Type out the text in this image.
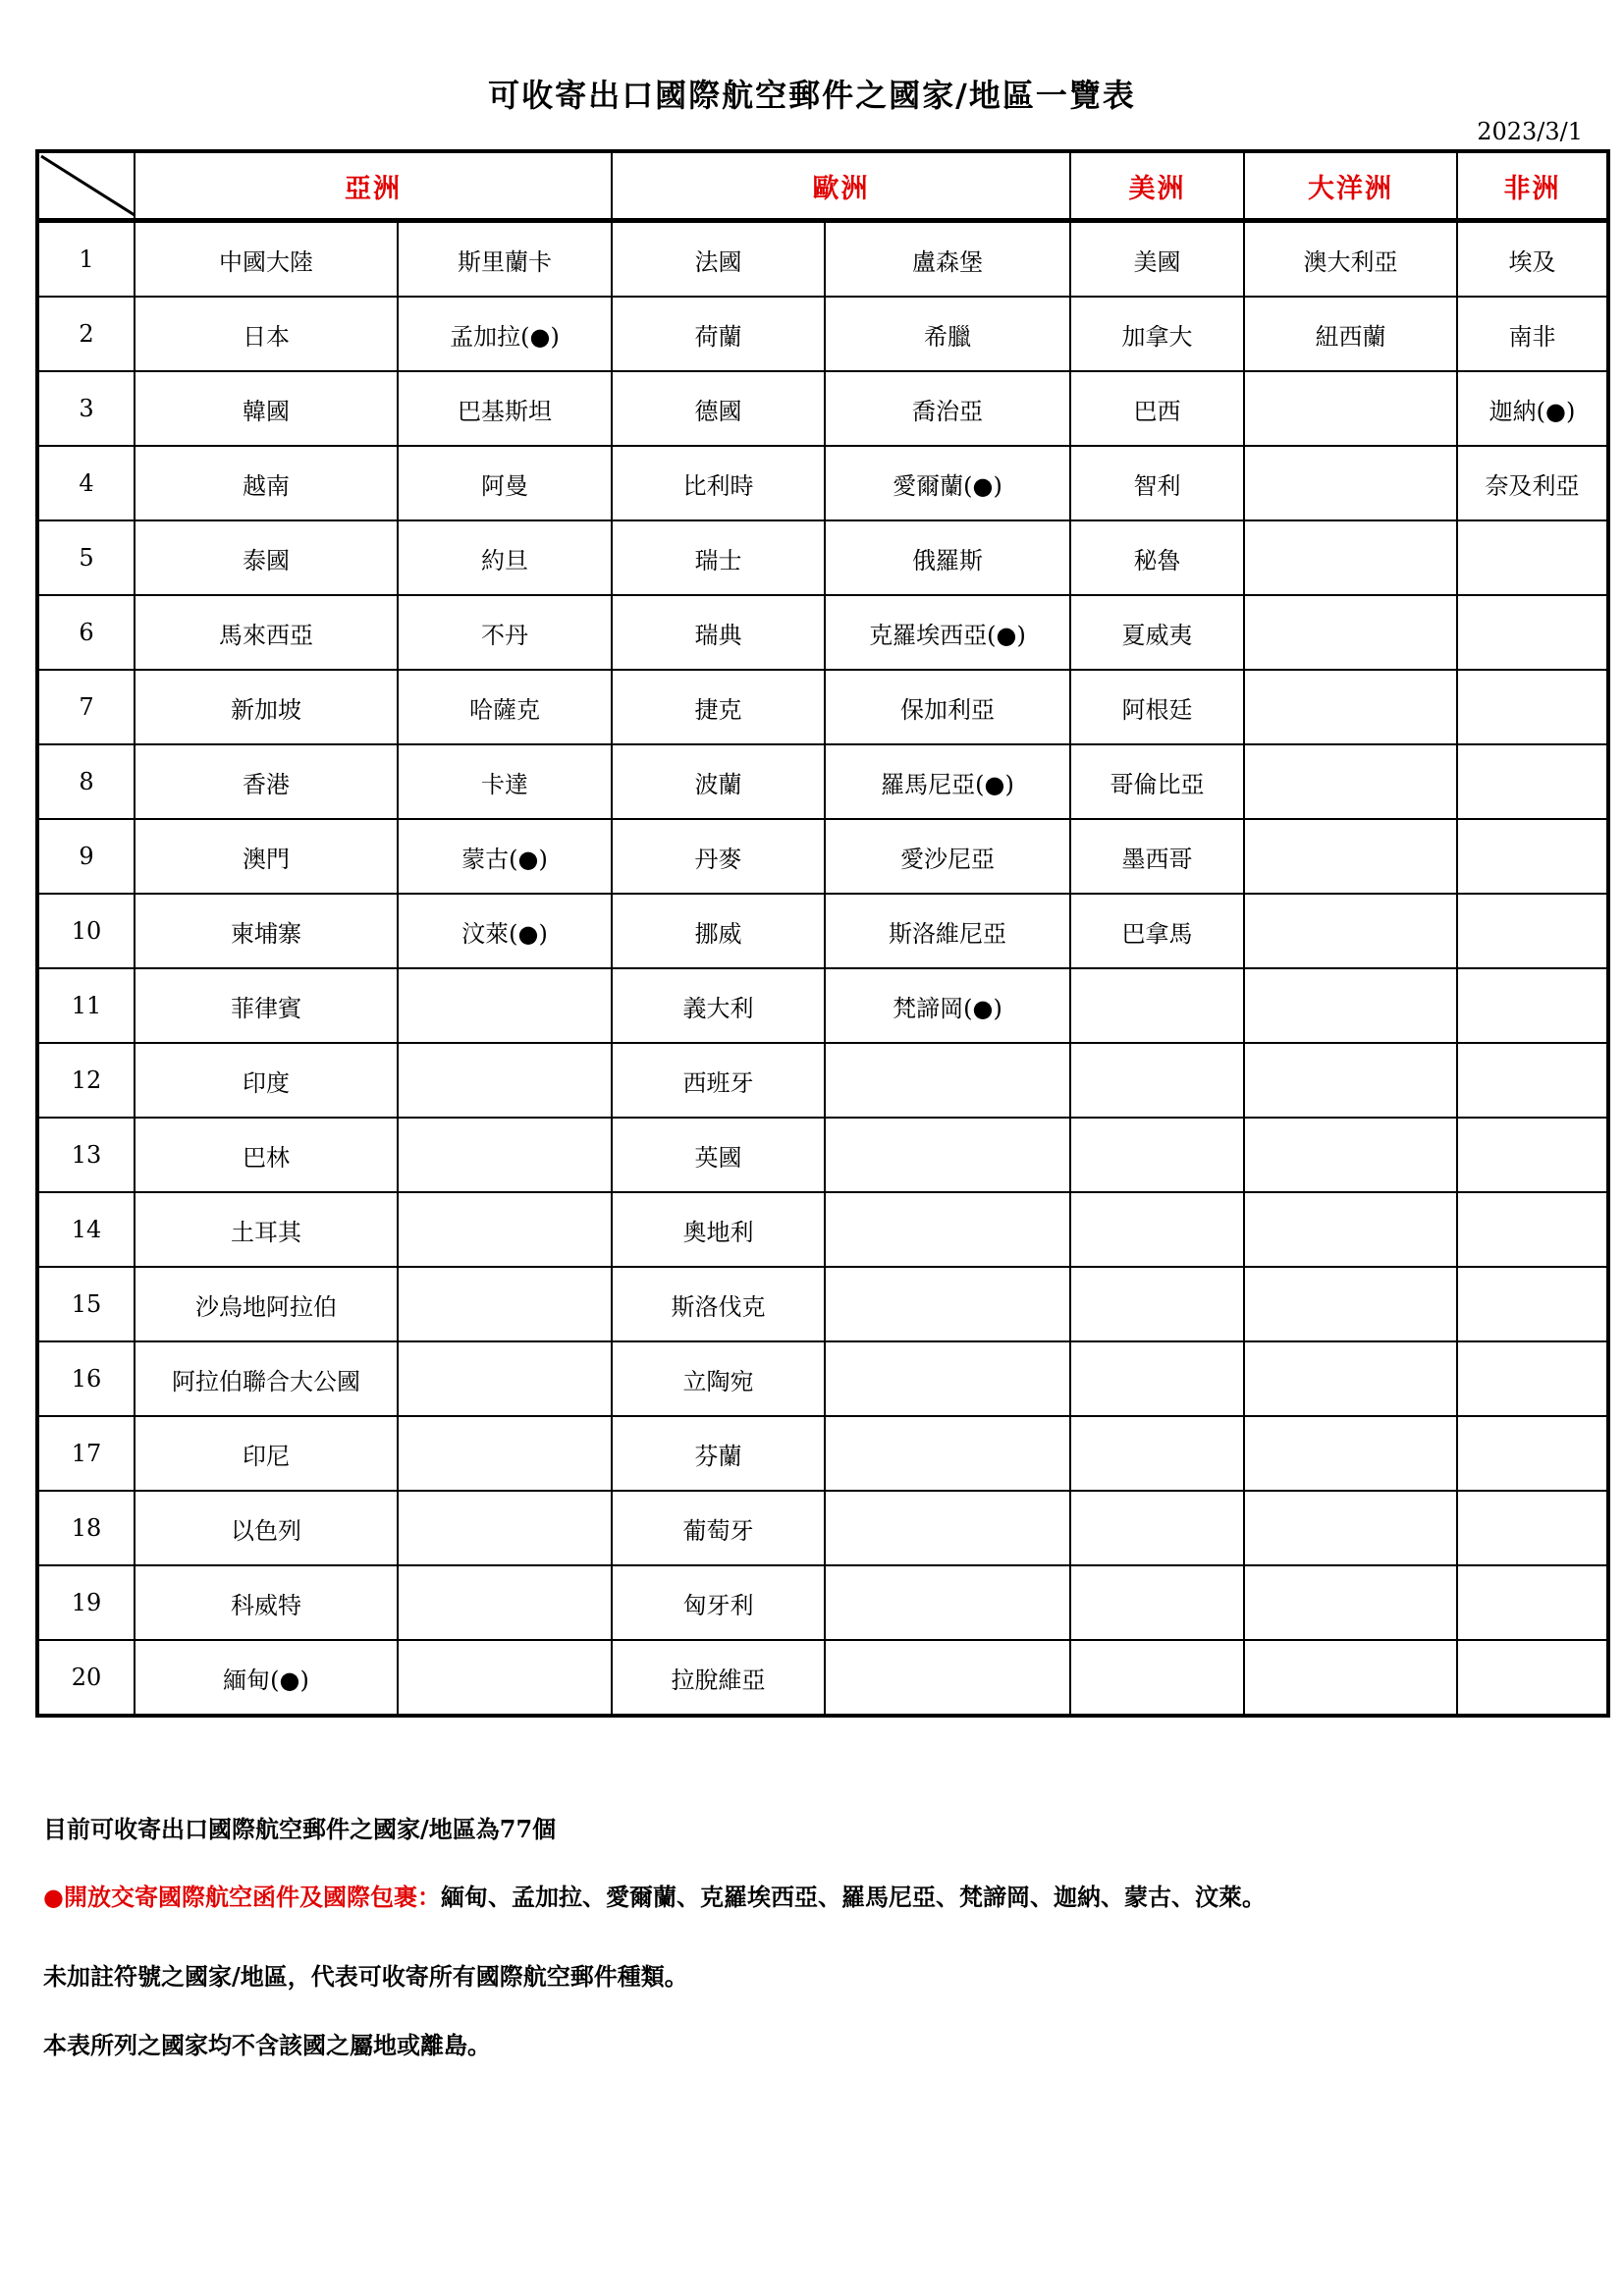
可收寄出口國際航空郵件之國家/地區一覽表
2023/3/1
	亞洲		歐洲		美洲	大洋洲	非洲
1	中國大陸	斯里蘭卡	法國	盧森堡	美國	澳大利亞	埃及
2	日本	孟加拉(●)	荷蘭	希臘	加拿大	紐西蘭	南非
3	韓國	巴基斯坦	德國	喬治亞	巴西		迦納(●)
4	越南	阿曼	比利時	愛爾蘭(●)	智利		奈及利亞
5	泰國	約旦	瑞士	俄羅斯	秘魯		
6	馬來西亞	不丹	瑞典	克羅埃西亞(●)	夏威夷		
7	新加坡	哈薩克	捷克	保加利亞	阿根廷		
8	香港	卡達	波蘭	羅馬尼亞(●)	哥倫比亞		
9	澳門	蒙古(●)	丹麥	愛沙尼亞	墨西哥		
10	柬埔寨	汶萊(●)	挪威	斯洛維尼亞	巴拿馬		
11	菲律賓		義大利	梵諦岡(●)			
12	印度		西班牙				
13	巴林		英國				
14	土耳其		奧地利				
15	沙烏地阿拉伯		斯洛伐克				
16	阿拉伯聯合大公國		立陶宛				
17	印尼		芬蘭				
18	以色列		葡萄牙				
19	科威特		匈牙利				
20	緬甸(●)		拉脫維亞				
目前可收寄出口國際航空郵件之國家/地區為77個
●開放交寄國際航空函件及國際包裹：緬甸、孟加拉、愛爾蘭、克羅埃西亞、羅馬尼亞、梵諦岡、迦納、蒙古、汶萊。
未加註符號之國家/地區，代表可收寄所有國際航空郵件種類。
本表所列之國家均不含該國之屬地或離島。
